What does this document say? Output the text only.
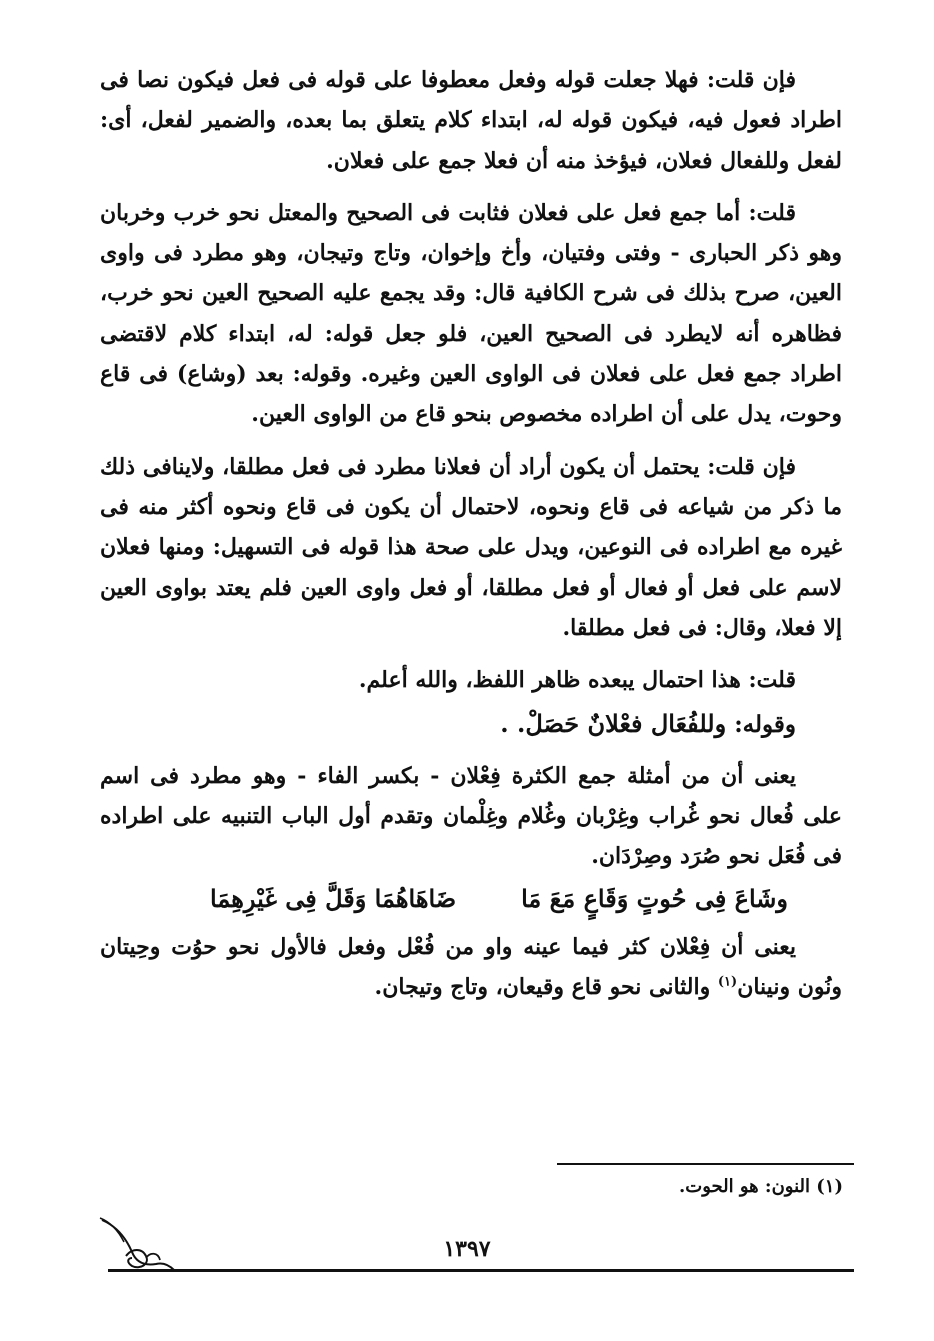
فإن قلت: فهلا جعلت قوله وفعل معطوفا على قوله فى فعل فيكون نصا فى اطراد فعول فيه، فيكون قوله له، ابتداء كلام يتعلق بما بعده، والضمير لفعل، أى: لفعل وللفعال فعلان، فيؤخذ منه أن فعلا جمع على فعلان.

قلت: أما جمع فعل على فعلان فثابت فى الصحيح والمعتل نحو خرب وخربان وهو ذكر الحبارى - وفتى وفتيان، وأخ وإخوان، وتاج وتيجان، وهو مطرد فى واوى العين، صرح بذلك فى شرح الكافية قال: وقد يجمع عليه الصحيح العين نحو خرب، فظاهره أنه لايطرد فى الصحيح العين، فلو جعل قوله: له، ابتداء كلام لاقتضى اطراد جمع فعل على فعلان فى الواوى العين وغيره. وقوله: بعد (وشاع) فى قاع وحوت، يدل على أن اطراده مخصوص بنحو قاع من الواوى العين.

فإن قلت: يحتمل أن يكون أراد أن فعلانا مطرد فى فعل مطلقا، ولاينافى ذلك ما ذكر من شياعه فى قاع ونحوه، لاحتمال أن يكون فى قاع ونحوه أكثر منه فى غيره مع اطراده فى النوعين، ويدل على صحة هذا قوله فى التسهيل: ومنها فعلان لاسم على فعل أو فعال أو فعل مطلقا، أو فعل واوى العين فلم يعتد بواوى العين إلا فعلا، وقال: فى فعل مطلقا.

قلت: هذا احتمال يبعده ظاهر اللفظ، والله أعلم.

وقوله: وللفُعَال فعْلانٌ حَصَلْ. .

يعنى أن من أمثلة جمع الكثرة فِعْلان - بكسر الفاء - وهو مطرد فى اسم على فُعال نحو غُراب وغِرْبان وغُلام وغِلْمان وتقدم أول الباب التنبيه على اطراده فى فُعَل نحو صُرَد وصِرْدَان.

وشَاعَ فِى حُوتٍ وَقَاعٍ مَعَ مَا
ضَاهَاهُمَا وَقَلَّ فِى غَيْرِهِمَا

يعنى أن فِعْلان كثر فيما عينه واو من فُعْل وفعل فالأول نحو حوُت وحِيتان ونُون ونينان$^{(١)}$ والثانى نحو قاع وقيعان، وتاج وتيجان.

(١) النون: هو الحوت.
١٣٩٧
